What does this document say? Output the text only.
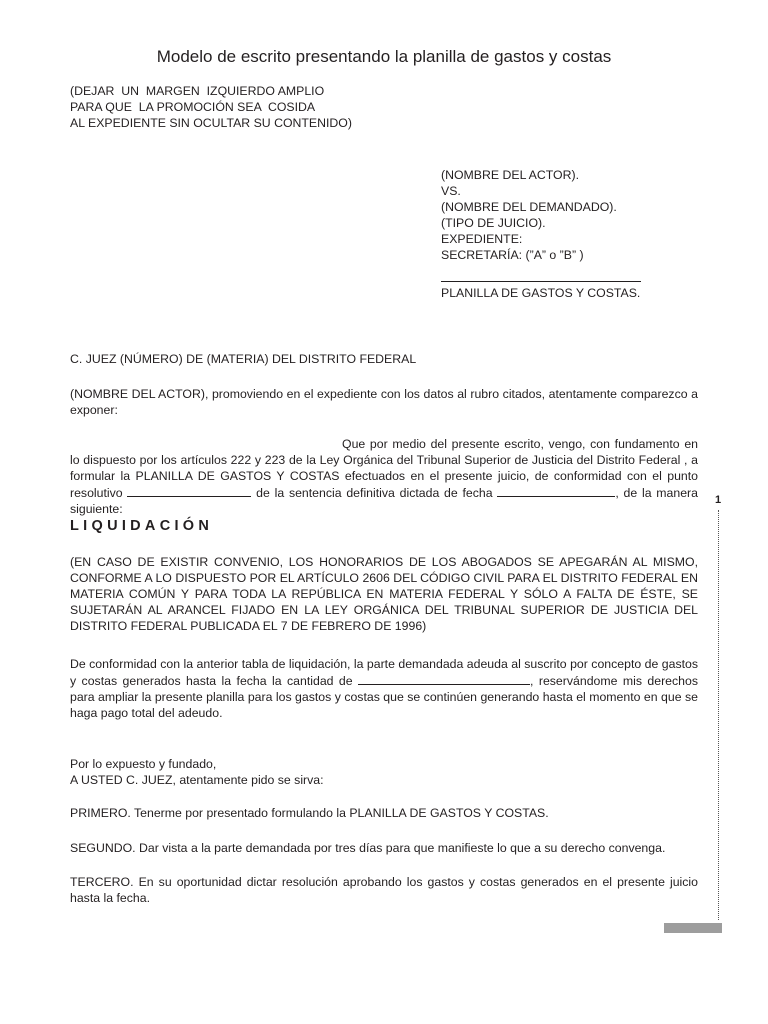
Modelo de escrito presentando la planilla de gastos y costas
(DEJAR  UN  MARGEN  IZQUIERDO AMPLIO
PARA QUE  LA PROMOCIÓN SEA  COSIDA
AL EXPEDIENTE SIN OCULTAR SU CONTENIDO)
(NOMBRE DEL ACTOR).
VS.
(NOMBRE DEL DEMANDADO).
(TIPO DE JUICIO).
EXPEDIENTE:
SECRETARÍA: (”A” o ”B” )
PLANILLA DE GASTOS Y COSTAS.
C. JUEZ (NÚMERO) DE (MATERIA) DEL DISTRITO FEDERAL
(NOMBRE DEL ACTOR), promoviendo en el expediente con los datos al rubro citados, atentamente comparezco a exponer:
Que por medio del presente escrito, vengo, con fundamento en lo dispuesto por los artículos 222 y 223 de la Ley Orgánica del Tribunal Superior de Justicia del Distrito Federal , a formular la PLANILLA DE GASTOS Y COSTAS efectuados en el presente juicio, de conformidad con el punto resolutivo	de la sentencia definitiva dictada de fecha	, de la manera siguiente:
LIQUIDACIÓN
(EN CASO DE EXISTIR CONVENIO, LOS HONORARIOS DE LOS ABOGADOS SE APEGARÁN AL MISMO, CONFORME A LO DISPUESTO POR EL ARTÍCULO 2606 DEL CÓDIGO CIVIL PARA EL DISTRITO FEDERAL EN MATERIA COMÚN Y PARA TODA LA REPÚBLICA EN MATERIA FEDERAL Y SÓLO A FALTA DE ÉSTE, SE SUJETARÁN AL ARANCEL FIJADO EN LA LEY ORGÁNICA DEL TRIBUNAL SUPERIOR DE JUSTICIA DEL DISTRITO FEDERAL PUBLICADA EL 7 DE FEBRERO DE 1996)
De conformidad con la anterior tabla de liquidación, la parte demandada adeuda al suscrito por concepto de gastos y costas generados hasta la fecha la cantidad de	, reservándome mis derechos para ampliar la presente planilla para los gastos y costas que se continúen generando hasta el momento en que se haga pago total del adeudo.
Por lo expuesto y fundado,
A USTED C. JUEZ, atentamente pido se sirva:
PRIMERO. Tenerme por presentado formulando la PLANILLA DE GASTOS Y COSTAS.
SEGUNDO. Dar vista a la parte demandada por tres días para que manifieste lo que a su derecho convenga.
TERCERO. En su oportunidad dictar resolución aprobando los gastos y costas generados en el presente juicio hasta la fecha.
1
